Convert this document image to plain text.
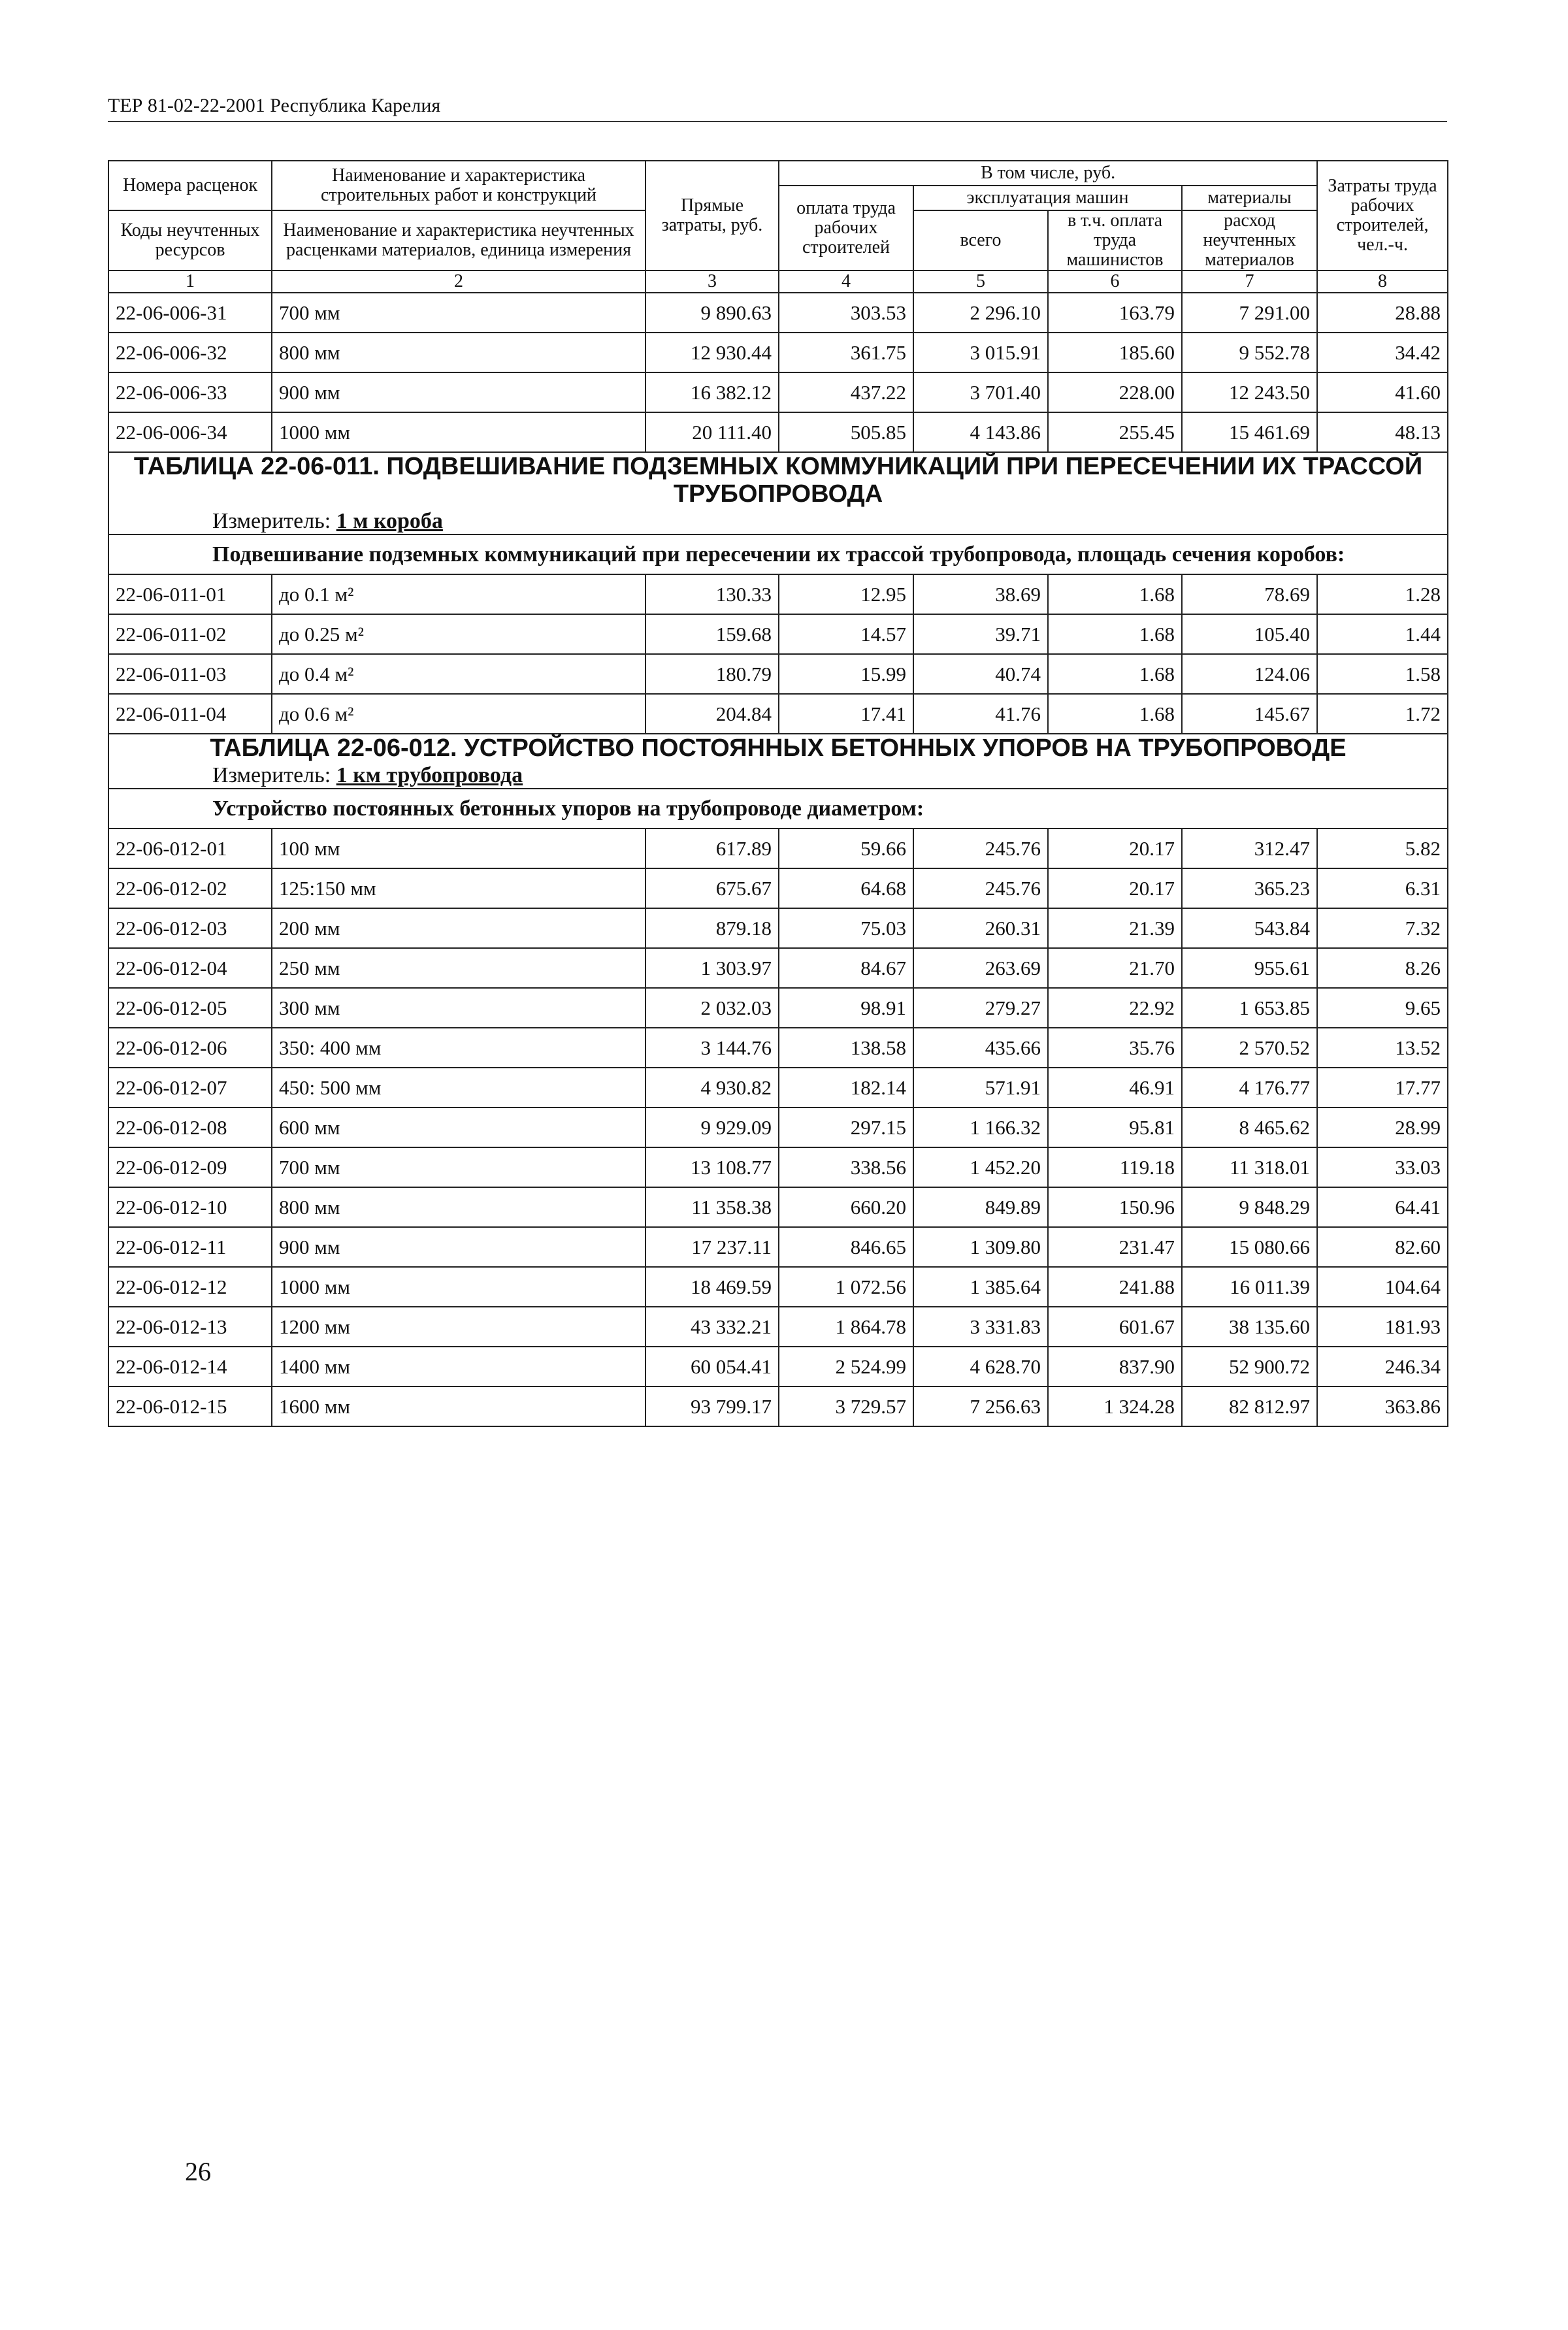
ТЕР 81-02-22-2001 Республика Карелия
Номера расценок	Наименование и характеристика строительных работ и конструкций	Прямые затраты, руб.	В том числе, руб.				Затраты труда рабочих строителей, чел.-ч.
			оплата труда рабочих строителей	эксплуатация машин		материалы	
Коды неучтенных ресурсов	Наименование и характеристика неучтенных расценками материалов, единица измерения			всего	в т.ч. оплата труда машинистов	расход неучтенных материалов	

1	2	3	4	5	6	7	8
22-06-006-31	700 мм	9 890.63	303.53	2 296.10	163.79	7 291.00	28.88
22-06-006-32	800 мм	12 930.44	361.75	3 015.91	185.60	9 552.78	34.42
22-06-006-33	900 мм	16 382.12	437.22	3 701.40	228.00	12 243.50	41.60
22-06-006-34	1000 мм	20 111.40	505.85	4 143.86	255.45	15 461.69	48.13

ТАБЛИЦА 22-06-011. ПОДВЕШИВАНИЕ ПОДЗЕМНЫХ КОММУНИКАЦИЙ ПРИ ПЕРЕСЕЧЕНИИ ИХ ТРАССОЙ ТРУБОПРОВОДА
Измеритель: 1 м короба							

Подвешивание подземных коммуникаций при пересечении их трассой трубопровода, площадь сечения коробов:							

22-06-011-01	до 0.1 м²	130.33	12.95	38.69	1.68	78.69	1.28
22-06-011-02	до 0.25 м²	159.68	14.57	39.71	1.68	105.40	1.44
22-06-011-03	до 0.4 м²	180.79	15.99	40.74	1.68	124.06	1.58
22-06-011-04	до 0.6 м²	204.84	17.41	41.76	1.68	145.67	1.72

ТАБЛИЦА 22-06-012. УСТРОЙСТВО ПОСТОЯННЫХ БЕТОННЫХ УПОРОВ НА ТРУБОПРОВОДЕ
Измеритель: 1 км трубопровода							

Устройство постоянных бетонных упоров на трубопроводе диаметром:							

22-06-012-01	100 мм	617.89	59.66	245.76	20.17	312.47	5.82
22-06-012-02	125:150 мм	675.67	64.68	245.76	20.17	365.23	6.31
22-06-012-03	200 мм	879.18	75.03	260.31	21.39	543.84	7.32
22-06-012-04	250 мм	1 303.97	84.67	263.69	21.70	955.61	8.26
22-06-012-05	300 мм	2 032.03	98.91	279.27	22.92	1 653.85	9.65
22-06-012-06	350: 400 мм	3 144.76	138.58	435.66	35.76	2 570.52	13.52
22-06-012-07	450: 500 мм	4 930.82	182.14	571.91	46.91	4 176.77	17.77
22-06-012-08	600 мм	9 929.09	297.15	1 166.32	95.81	8 465.62	28.99
22-06-012-09	700 мм	13 108.77	338.56	1 452.20	119.18	11 318.01	33.03
22-06-012-10	800 мм	11 358.38	660.20	849.89	150.96	9 848.29	64.41
22-06-012-11	900 мм	17 237.11	846.65	1 309.80	231.47	15 080.66	82.60
22-06-012-12	1000 мм	18 469.59	1 072.56	1 385.64	241.88	16 011.39	104.64
22-06-012-13	1200 мм	43 332.21	1 864.78	3 331.83	601.67	38 135.60	181.93
22-06-012-14	1400 мм	60 054.41	2 524.99	4 628.70	837.90	52 900.72	246.34
22-06-012-15	1600 мм	93 799.17	3 729.57	7 256.63	1 324.28	82 812.97	363.86
26
